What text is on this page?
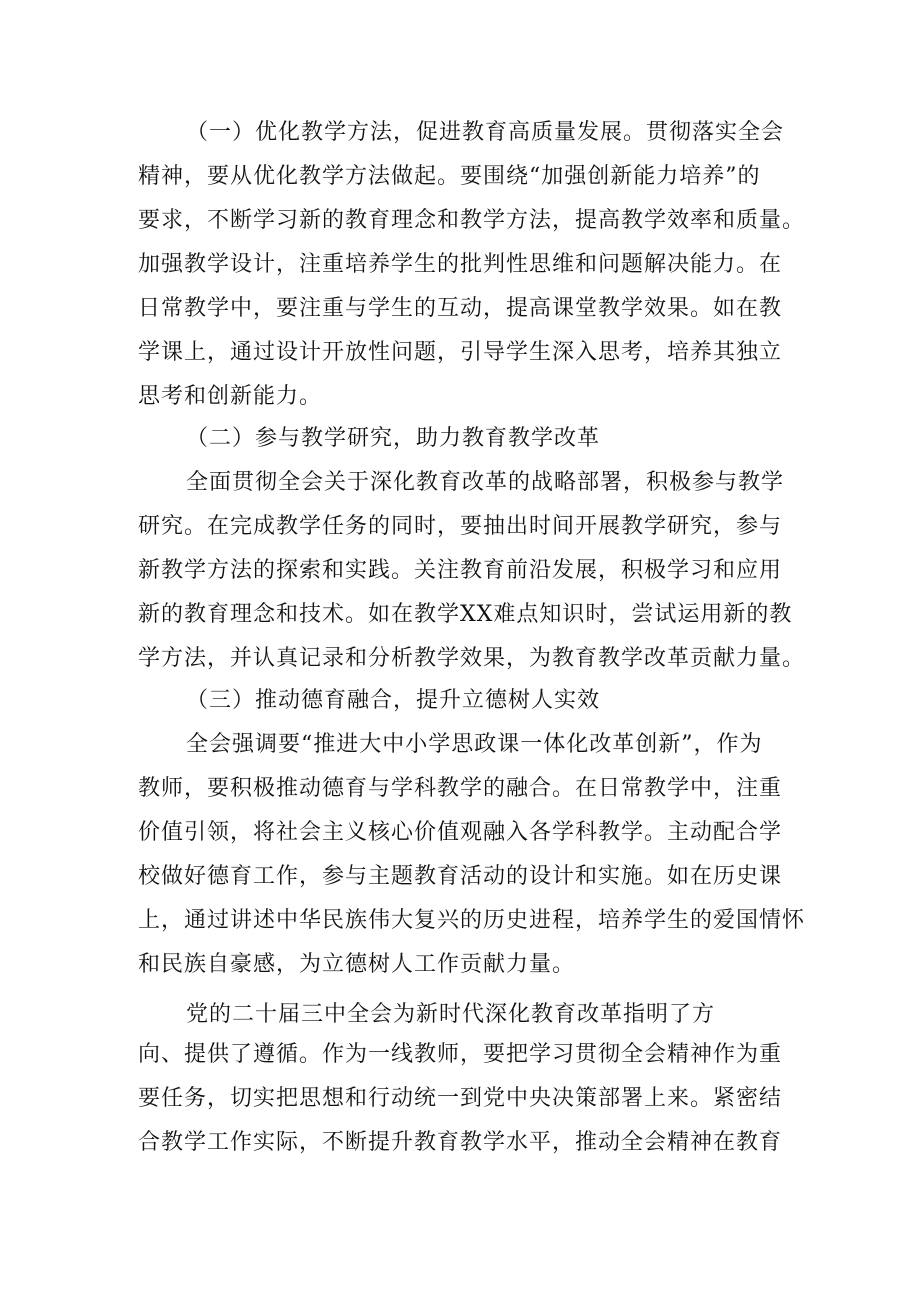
（一）优化教学方法，促进教育高质量发展。贯彻落实全会
精神，要从优化教学方法做起。要围绕“加强创新能力培养”的
要求，不断学习新的教育理念和教学方法，提高教学效率和质量。
加强教学设计，注重培养学生的批判性思维和问题解决能力。在
日常教学中，要注重与学生的互动，提高课堂教学效果。如在教
学课上，通过设计开放性问题，引导学生深入思考，培养其独立
思考和创新能力。
（二）参与教学研究，助力教育教学改革
全面贯彻全会关于深化教育改革的战略部署，积极参与教学
研究。在完成教学任务的同时，要抽出时间开展教学研究，参与
新教学方法的探索和实践。关注教育前沿发展，积极学习和应用
新的教育理念和技术。如在教学XX难点知识时，尝试运用新的教
学方法，并认真记录和分析教学效果，为教育教学改革贡献力量。
（三）推动德育融合，提升立德树人实效
全会强调要“推进大中小学思政课一体化改革创新”，作为
教师，要积极推动德育与学科教学的融合。在日常教学中，注重
价值引领，将社会主义核心价值观融入各学科教学。主动配合学
校做好德育工作，参与主题教育活动的设计和实施。如在历史课
上，通过讲述中华民族伟大复兴的历史进程，培养学生的爱国情怀
和民族自豪感，为立德树人工作贡献力量。
党的二十届三中全会为新时代深化教育改革指明了方
向、提供了遵循。作为一线教师，要把学习贯彻全会精神作为重
要任务，切实把思想和行动统一到党中央决策部署上来。紧密结
合教学工作实际，不断提升教育教学水平，推动全会精神在教育
